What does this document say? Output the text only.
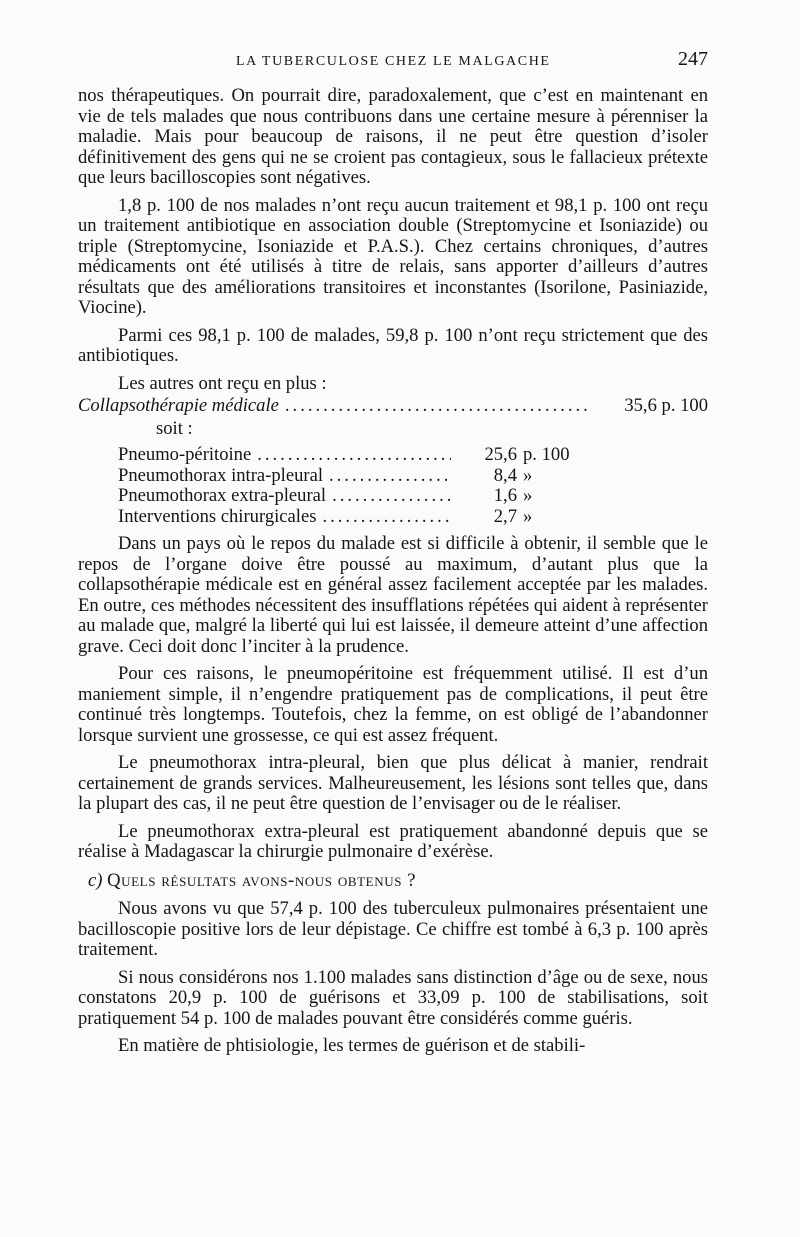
LA TUBERCULOSE CHEZ LE MALGACHE	247

nos thérapeutiques. On pourrait dire, paradoxalement, que c’est en maintenant en vie de tels malades que nous contribuons dans une certaine mesure à pérenniser la maladie. Mais pour beaucoup de raisons, il ne peut être question d’isoler définitivement des gens qui ne se croient pas contagieux, sous le fallacieux prétexte que leurs bacilloscopies sont négatives.

1,8 p. 100 de nos malades n’ont reçu aucun traitement et 98,1 p. 100 ont reçu un traitement antibiotique en association double (Streptomycine et Isoniazide) ou triple (Streptomycine, Isoniazide et P.A.S.). Chez certains chroniques, d’autres médicaments ont été utilisés à titre de relais, sans apporter d’ailleurs d’autres résultats que des améliorations transitoires et inconstantes (Isorilone, Pasiniazide, Viocine).

Parmi ces 98,1 p. 100 de malades, 59,8 p. 100 n’ont reçu strictement que des antibiotiques.

Les autres ont reçu en plus :

Collapsothérapie médicale .....	35,6 p. 100
soit :
Pneumo-péritoine .....	25,6 p. 100
Pneumothorax intra-pleural .....	8,4 »
Pneumothorax extra-pleural .....	1,6 »
Interventions chirurgicales .....	2,7 »

Dans un pays où le repos du malade est si difficile à obtenir, il semble que le repos de l’organe doive être poussé au maximum, d’autant plus que la collapsothérapie médicale est en général assez facilement acceptée par les malades. En outre, ces méthodes nécessitent des insufflations répétées qui aident à représenter au malade que, malgré la liberté qui lui est laissée, il demeure atteint d’une affection grave. Ceci doit donc l’inciter à la prudence.

Pour ces raisons, le pneumopéritoine est fréquemment utilisé. Il est d’un maniement simple, il n’engendre pratiquement pas de complications, il peut être continué très longtemps. Toutefois, chez la femme, on est obligé de l’abandonner lorsque survient une grossesse, ce qui est assez fréquent.

Le pneumothorax intra-pleural, bien que plus délicat à manier, rendrait certainement de grands services. Malheureusement, les lésions sont telles que, dans la plupart des cas, il ne peut être question de l’envisager ou de le réaliser.

Le pneumothorax extra-pleural est pratiquement abandonné depuis que se réalise à Madagascar la chirurgie pulmonaire d’exérèse.

c) Quels résultats avons-nous obtenus ?

Nous avons vu que 57,4 p. 100 des tuberculeux pulmonaires présentaient une bacilloscopie positive lors de leur dépistage. Ce chiffre est tombé à 6,3 p. 100 après traitement.

Si nous considérons nos 1.100 malades sans distinction d’âge ou de sexe, nous constatons 20,9 p. 100 de guérisons et 33,09 p. 100 de stabilisations, soit pratiquement 54 p. 100 de malades pouvant être considérés comme guéris.

En matière de phtisiologie, les termes de guérison et de stabili-
